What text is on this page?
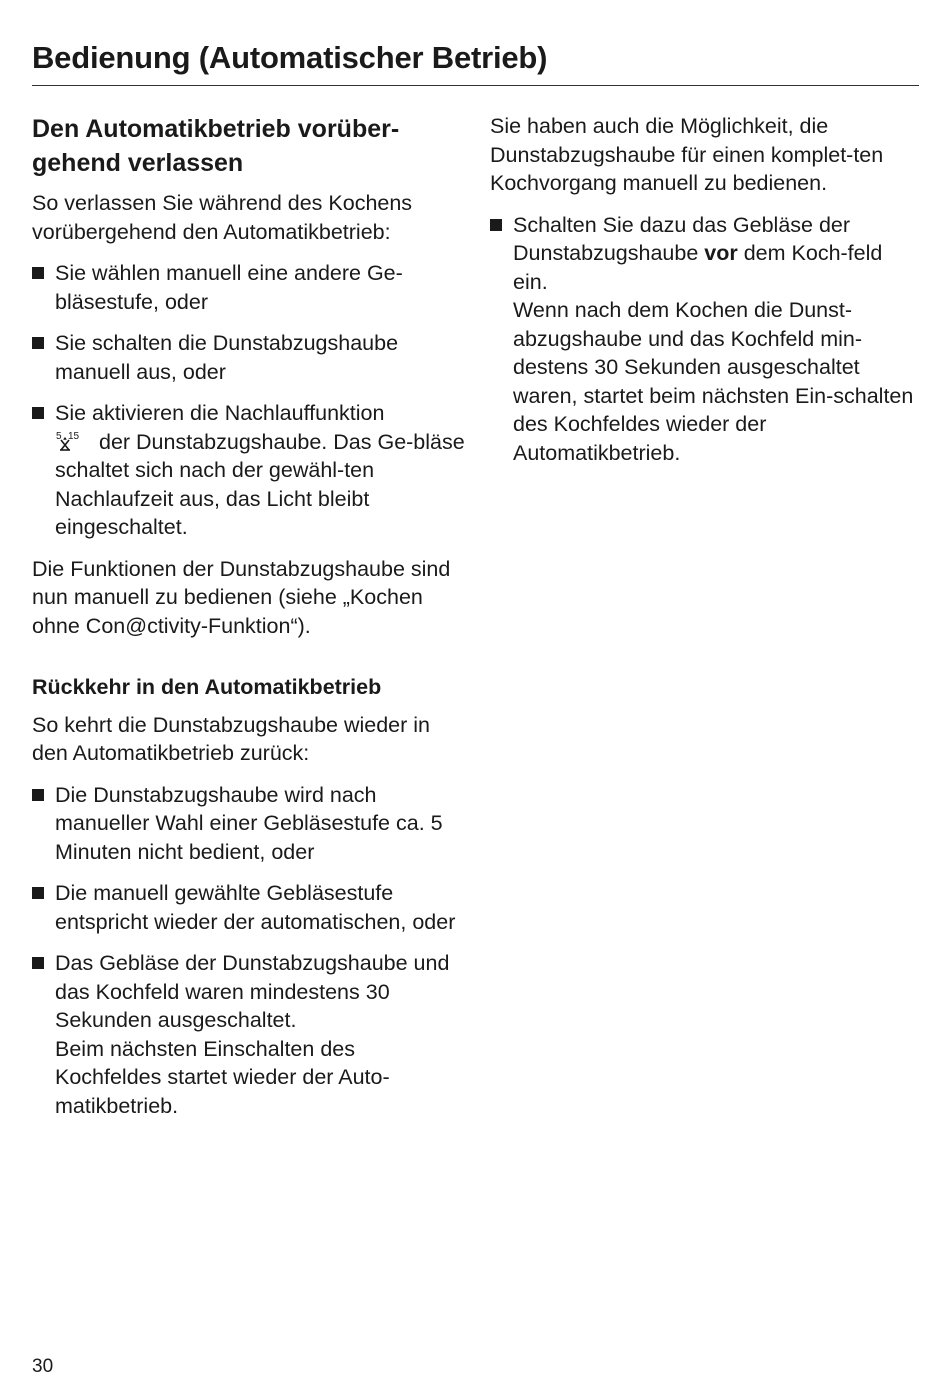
Bedienung (Automatischer Betrieb)
Den Automatikbetrieb vorüber-
gehend verlassen

So verlassen Sie während des Kochens vorübergehend den Automatikbetrieb:

Sie wählen manuell eine andere Ge-bläsestufe, oder
Sie schalten die Dunstabzugshaube manuell aus, oder
Sie aktivieren die Nachlauffunktion

5 15 der Dunstabzugshaube. Das Ge-bläse schaltet sich nach der gewähl-ten Nachlaufzeit aus, das Licht bleibt eingeschaltet.

Die Funktionen der Dunstabzugshaube sind nun manuell zu bedienen (siehe „Kochen ohne Con@ctivity-Funktion“).

Rückkehr in den Automatikbetrieb

So kehrt die Dunstabzugshaube wieder in den Automatikbetrieb zurück:

Die Dunstabzugshaube wird nach manueller Wahl einer Gebläsestufe ca. 5 Minuten nicht bedient, oder
Die manuell gewählte Gebläsestufe entspricht wieder der automatischen, oder
Das Gebläse der Dunstabzugshaube und das Kochfeld waren mindestens 30 Sekunden ausgeschaltet.
Beim nächsten Einschalten des Kochfeldes startet wieder der Auto-matikbetrieb.

Sie haben auch die Möglichkeit, die Dunstabzugshaube für einen komplet-ten Kochvorgang manuell zu bedienen.

Schalten Sie dazu das Gebläse der Dunstabzugshaube vor dem Koch-feld ein.
Wenn nach dem Kochen die Dunst-abzugshaube und das Kochfeld min-destens 30 Sekunden ausgeschaltet waren, startet beim nächsten Ein-schalten des Kochfeldes wieder der Automatikbetrieb.
30
